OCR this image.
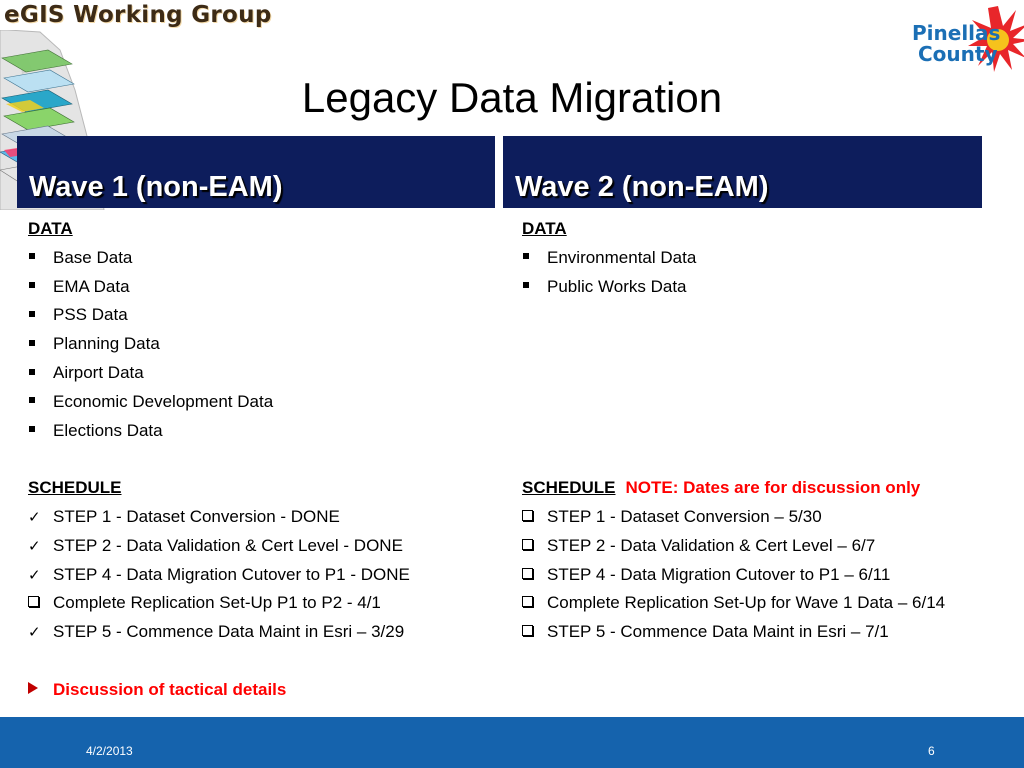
eGIS Working Group
Pinellas
County
Legacy Data Migration
Wave 1 (non-EAM)	Wave 2 (non-EAM)
DATA
Base Data
EMA Data
PSS Data
Planning Data
Airport Data
Economic Development Data
Elections Data
SCHEDULE
✓ STEP 1 - Dataset Conversion - DONE
✓ STEP 2 - Data Validation & Cert Level - DONE
✓ STEP 4 - Data Migration Cutover to P1 - DONE
Complete Replication Set-Up P1 to P2 - 4/1
✓ STEP 5 - Commence Data Maint in Esri – 3/29
Discussion of tactical details
DATA
Environmental Data
Public Works Data
SCHEDULE NOTE: Dates are for discussion only
STEP 1 - Dataset Conversion – 5/30
STEP 2 - Data Validation & Cert Level – 6/7
STEP 4 - Data Migration Cutover to P1 – 6/11
Complete Replication Set-Up for Wave 1 Data – 6/14
STEP 5 - Commence Data Maint in Esri – 7/1
4/2/2013	6
